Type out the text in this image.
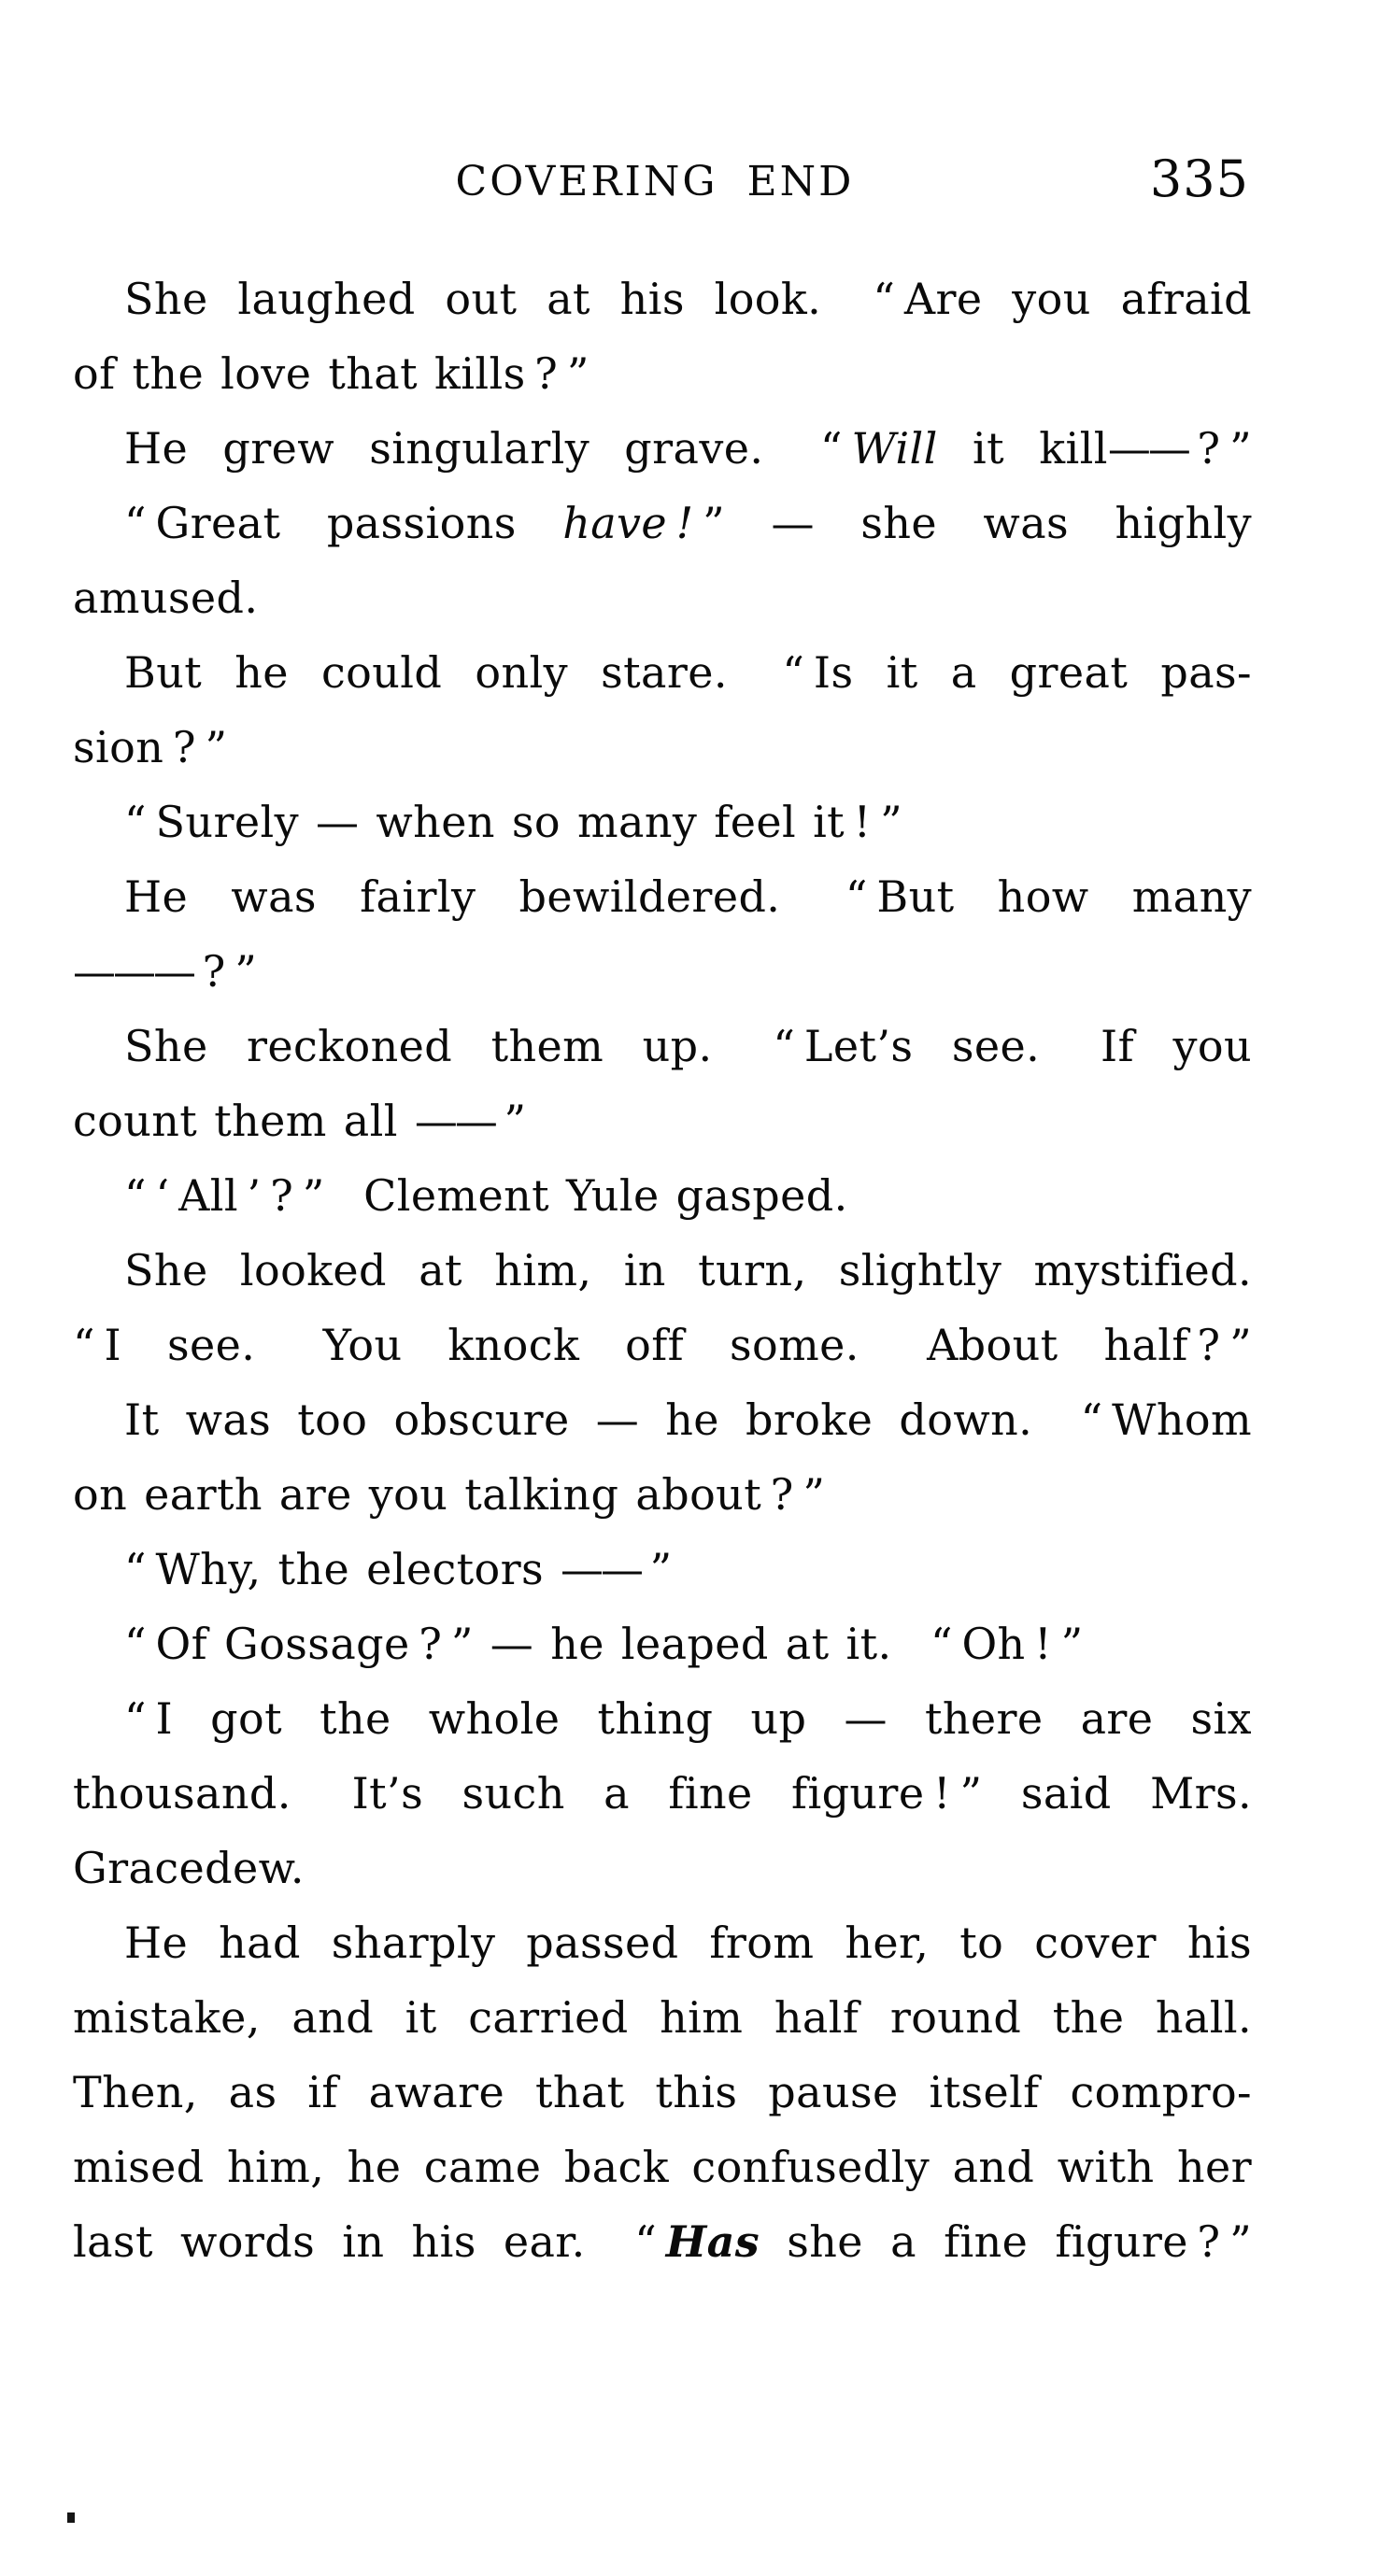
COVERING END	335
She laughed out at his look.  “ Are you afraid
of the love that kills ? ”
He grew singularly grave.  “ Will it kill—— ? ”
“ Great passions have ! ” — she was highly
amused.
But he could only stare.  “ Is it a great pas-
sion ? ”
“ Surely — when so many feel it ! ”
He was fairly bewildered.  “ But how many
——— ? ”
She reckoned them up.  “ Let’s see.  If you
count them all —— ”
“ ‘ All ’ ? ”  Clement Yule gasped.
She looked at him, in turn, slightly mystified.
“ I see.  You knock off some.  About half ? ”
It was too obscure — he broke down.  “ Whom
on earth are you talking about ? ”
“ Why, the electors —— ”
“ Of Gossage ? ” — he leaped at it.  “ Oh ! ”
“ I got the whole thing up — there are six
thousand.  It’s such a fine figure ! ” said Mrs.
Gracedew.
He had sharply passed from her, to cover his
mistake, and it carried him half round the hall.
Then, as if aware that this pause itself compro-
mised him, he came back confusedly and with her
last words in his ear.  “ Has she a fine figure ? ”
